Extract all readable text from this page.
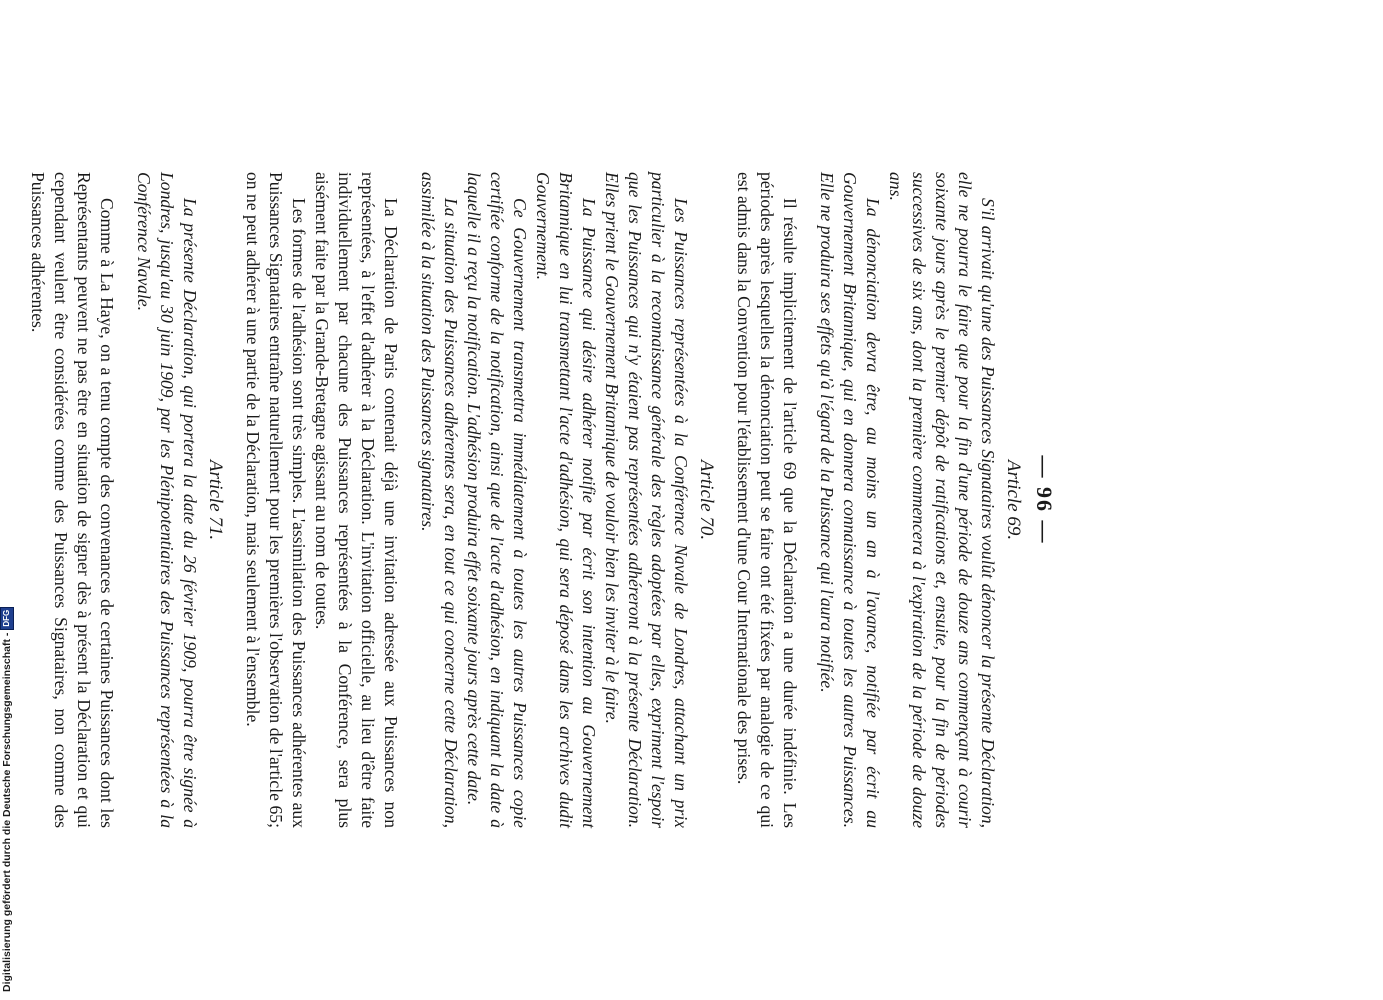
— 96 —
Article 69.

S'il arrivait qu'une des Puissances Signataires voulût dénoncer la présente Déclaration, elle ne pourra le faire que pour la fin d'une période de douze ans commençant à courir soixante jours après le premier dépôt de ratifications et, ensuite, pour la fin de périodes successives de six ans, dont la première commencera à l'expiration de la période de douze ans.

La dénonciation devra être, au moins un an à l'avance, notifiée par écrit au Gouvernement Britannique, qui en donnera connaissance à toutes les autres Puissances. Elle ne produira ses effets qu'à l'égard de la Puissance qui l'aura notifiée.

Il résulte implicitement de l'article 69 que la Déclaration a une durée indéfinie. Les périodes après lesquelles la dénonciation peut se faire ont été fixées par analogie de ce qui est admis dans la Convention pour l'établissement d'une Cour Internationale des prises.

Article 70.

Les Puissances représentées à la Conférence Navale de Londres, attachant un prix particulier à la reconnaissance générale des règles adoptées par elles, expriment l'espoir que les Puissances qui n'y étaient pas représentées adhéreront à la présente Déclaration. Elles prient le Gouvernement Britannique de vouloir bien les inviter à le faire.

La Puissance qui désire adhérer notifie par écrit son intention au Gouvernement Britannique en lui transmettant l'acte d'adhésion, qui sera déposé dans les archives dudit Gouvernement.

Ce Gouvernement transmettra immédiatement à toutes les autres Puissances copie certifiée conforme de la notification, ainsi que de l'acte d'adhésion, en indiquant la date à laquelle il a reçu la notification. L'adhésion produira effet soixante jours après cette date.

La situation des Puissances adhérentes sera, en tout ce qui concerne cette Déclaration, assimilée à la situation des Puissances signataires.

La Déclaration de Paris contenait déjà une invitation adressée aux Puissances non représentées, à l'effet d'adhérer à la Déclaration. L'invitation officielle, au lieu d'être faite individuellement par chacune des Puissances représentées à la Conférence, sera plus aisément faite par la Grande-Bretagne agissant au nom de toutes.

Les formes de l'adhésion sont très simples. L'assimilation des Puissances adhérentes aux Puissances Signataires entraîne naturellement pour les premières l'observation de l'article 65; on ne peut adhérer à une partie de la Déclaration, mais seulement à l'ensemble.

Article 71.

La présente Déclaration, qui portera la date du 26 février 1909, pourra être signée à Londres, jusqu'au 30 juin 1909, par les Plénipotentiaires des Puissances représentées à la Conférence Navale.

Comme à La Haye, on a tenu compte des convenances de certaines Puissances dont les Représentants peuvent ne pas être en situation de signer dès à présent la Déclaration et qui cependant veulent être considérées comme des Puissances Signataires, non comme des Puissances adhérentes.

Digitalisierung gefördert durch die Deutsche Forschungsgemeinschaft -
DFG
